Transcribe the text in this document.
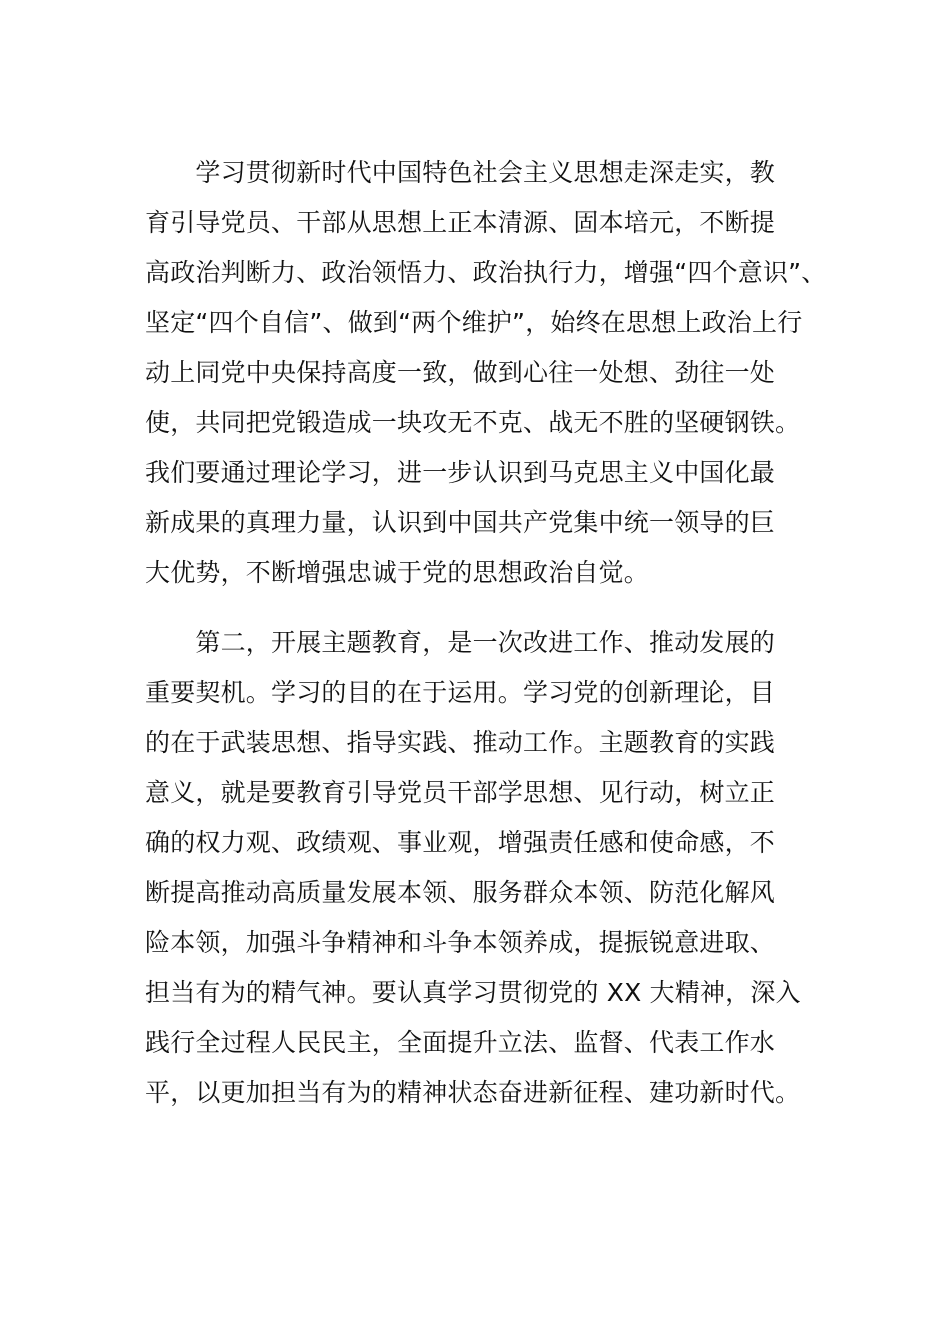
　　学习贯彻新时代中国特色社会主义思想走深走实，教
育引导党员、干部从思想上正本清源、固本培元，不断提
高政治判断力、政治领悟力、政治执行力，增强“四个意识”、
坚定“四个自信”、做到“两个维护”，始终在思想上政治上行
动上同党中央保持高度一致，做到心往一处想、劲往一处
使，共同把党锻造成一块攻无不克、战无不胜的坚硬钢铁。
我们要通过理论学习，进一步认识到马克思主义中国化最
新成果的真理力量，认识到中国共产党集中统一领导的巨
大优势，不断增强忠诚于党的思想政治自觉。
　　第二，开展主题教育，是一次改进工作、推动发展的
重要契机。学习的目的在于运用。学习党的创新理论，目
的在于武装思想、指导实践、推动工作。主题教育的实践
意义，就是要教育引导党员干部学思想、见行动，树立正
确的权力观、政绩观、事业观，增强责任感和使命感，不
断提高推动高质量发展本领、服务群众本领、防范化解风
险本领，加强斗争精神和斗争本领养成，提振锐意进取、
担当有为的精气神。要认真学习贯彻党的 XX 大精神，深入
践行全过程人民民主，全面提升立法、监督、代表工作水
平，以更加担当有为的精神状态奋进新征程、建功新时代。
